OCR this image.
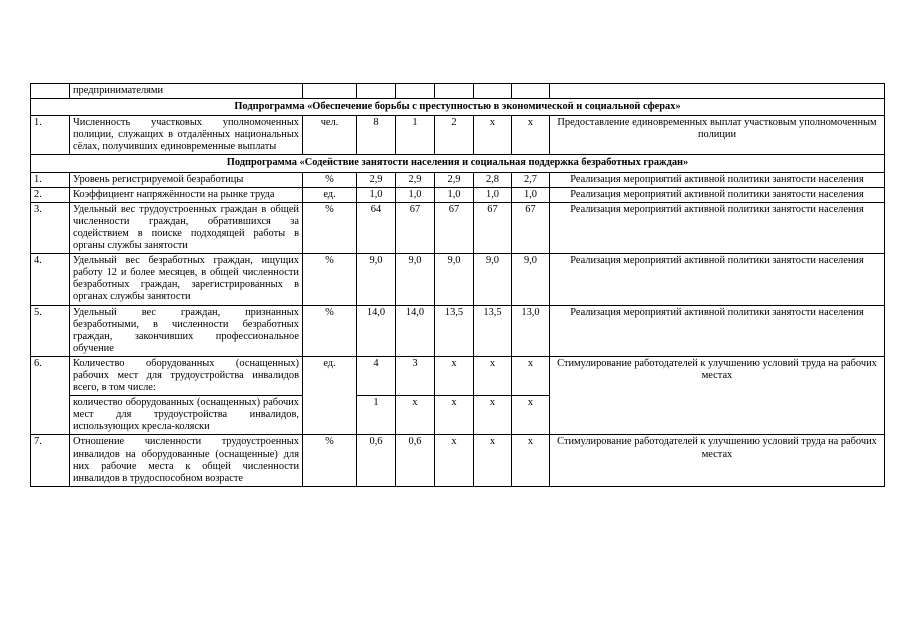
	предпринимателями							
Подпрограмма «Обеспечение борьбы с преступностью в экономической и социальной сферах»								
1.	Численность участковых уполномоченных полиции, служащих в отдалённых национальных сёлах, получивших единовременные выплаты	чел.	8	1	2	х	х	Предоставление единовременных выплат участковым уполномоченным полиции
Подпрограмма «Содействие занятости населения и социальная поддержка безработных граждан»								
1.	Уровень регистрируемой безработицы	%	2,9	2,9	2,9	2,8	2,7	Реализация мероприятий активной политики занятости населения
2.	Коэффициент напряжённости на рынке труда	ед.	1,0	1,0	1,0	1,0	1,0	Реализация мероприятий активной политики занятости населения
3.	Удельный вес трудоустроенных граждан в общей численности граждан, обратившихся за содействием в поиске подходящей работы в органы службы занятости	%	64	67	67	67	67	Реализация мероприятий активной политики занятости населения
4.	Удельный вес безработных граждан, ищущих работу 12 и более месяцев, в общей численности безработных граждан, зарегистрированных в органах службы занятости	%	9,0	9,0	9,0	9,0	9,0	Реализация мероприятий активной политики занятости населения
5.	Удельный вес граждан, признанных безработными, в численности безработных граждан, закончивших профессиональное обучение	%	14,0	14,0	13,5	13,5	13,0	Реализация мероприятий активной политики занятости населения
6.	Количество оборудованных (оснащенных) рабочих мест для трудоустройства инвалидов всего, в том числе:	ед.	4	3	х	х	х	Стимулирование работодателей к улучшению условий труда на рабочих местах
	количество оборудованных (оснащенных) рабочих мест для трудоустройства инвалидов, использующих кресла-коляски		1	х	х	х	х	
7.	Отношение численности трудоустроенных инвалидов на оборудованные (оснащенные) для них рабочие места к общей численности инвалидов в трудоспособном возрасте	%	0,6	0,6	х	х	х	Стимулирование работодателей к улучшению условий труда на рабочих местах
